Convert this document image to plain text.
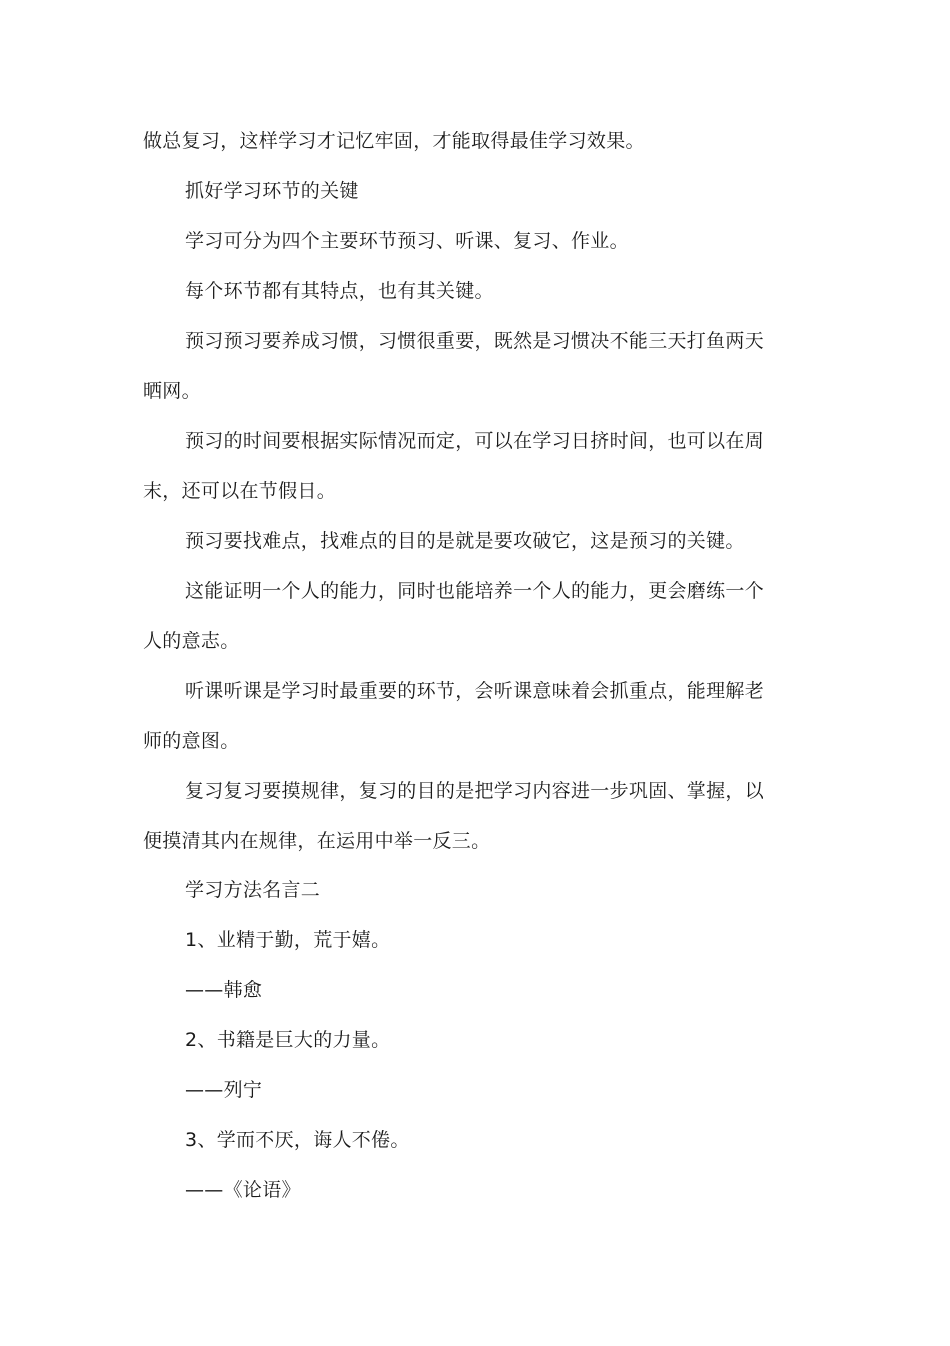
做总复习，这样学习才记忆牢固，才能取得最佳学习效果。
抓好学习环节的关键
学习可分为四个主要环节预习、听课、复习、作业。
每个环节都有其特点，也有其关键。
预习预习要养成习惯，习惯很重要，既然是习惯决不能三天打鱼两天
晒网。
预习的时间要根据实际情况而定，可以在学习日挤时间，也可以在周
末，还可以在节假日。
预习要找难点，找难点的目的是就是要攻破它，这是预习的关键。
这能证明一个人的能力，同时也能培养一个人的能力，更会磨练一个
人的意志。
听课听课是学习时最重要的环节，会听课意味着会抓重点，能理解老
师的意图。
复习复习要摸规律，复习的目的是把学习内容进一步巩固、掌握，以
便摸清其内在规律，在运用中举一反三。
学习方法名言二
1、业精于勤，荒于嬉。
——韩愈
2、书籍是巨大的力量。
——列宁
3、学而不厌，诲人不倦。
——《论语》
